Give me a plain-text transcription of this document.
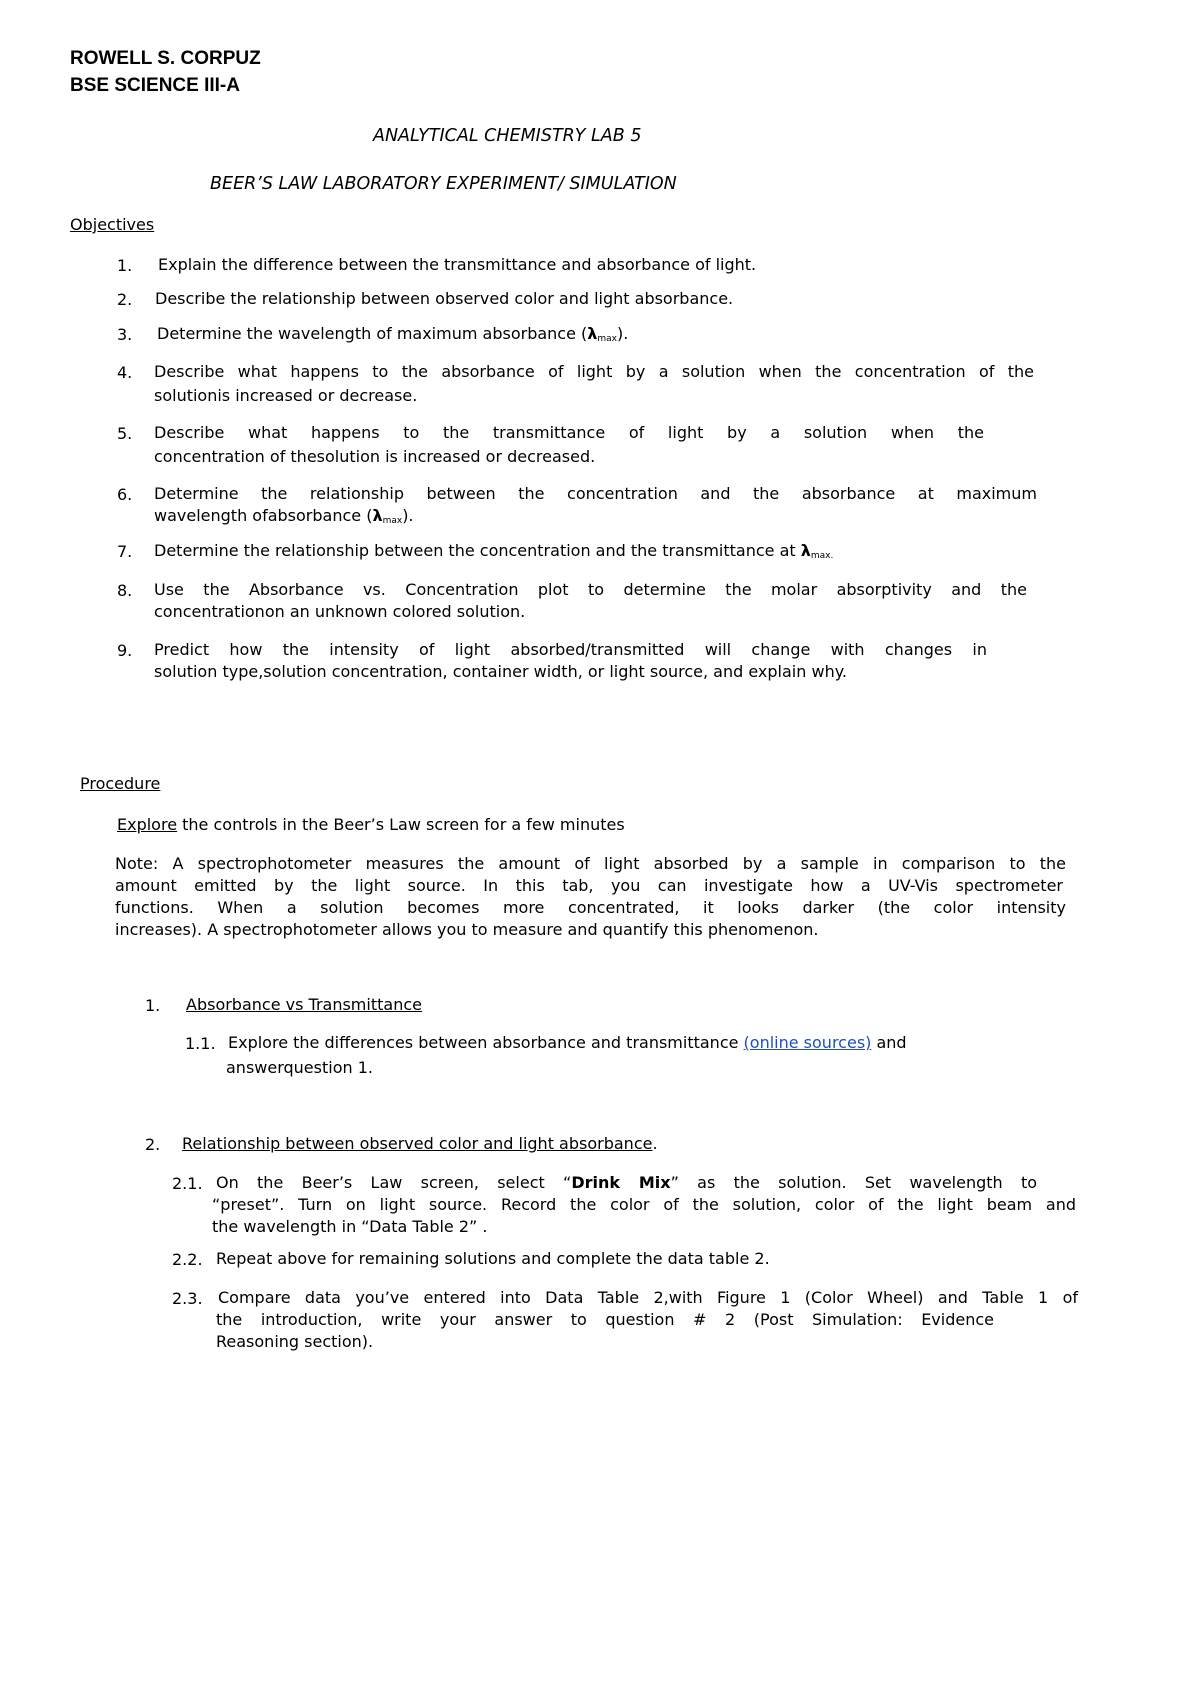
ROWELL S. CORPUZ
BSE SCIENCE III-A
ANALYTICAL CHEMISTRY LAB 5
BEER’S LAW LABORATORY EXPERIMENT/ SIMULATION
Objectives
1. Explain the difference between the transmittance and absorbance of light.
2. Describe the relationship between observed color and light absorbance.
3. Determine the wavelength of maximum absorbance $(\lambda_{max})$.
4. Describe what happens to the absorbance of light by a solution when the concentration of the
solutionis increased or decrease.
5. Describe what happens to the transmittance of light by a solution when the
concentration of thesolution is increased or decreased.
6. Determine the relationship between the concentration and the absorbance at maximum
wavelength ofabsorbance $(\lambda_{max})$.
7. Determine the relationship between the concentration and the transmittance at $\lambda_{max.}$
8. Use the Absorbance vs. Concentration plot to determine the molar absorptivity and the
concentrationon an unknown colored solution.
9. Predict how the intensity of light absorbed/transmitted will change with changes in
solution type,solution concentration, container width, or light source, and explain why.
Procedure
Explore the controls in the Beer’s Law screen for a few minutes
Note: A spectrophotometer measures the amount of light absorbed by a sample in comparison to the
amount emitted by the light source. In this tab, you can investigate how a UV-Vis spectrometer
functions. When a solution becomes more concentrated, it looks darker (the color intensity
increases). A spectrophotometer allows you to measure and quantify this phenomenon.
1. Absorbance vs Transmittance
1.1. Explore the differences between absorbance and transmittance (online sources) and
answerquestion 1.
2. Relationship between observed color and light absorbance.
2.1. On the Beer’s Law screen, select “Drink Mix” as the solution. Set wavelength to
“preset”. Turn on light source. Record the color of the solution, color of the light beam and
the wavelength in “Data Table 2” .
2.2. Repeat above for remaining solutions and complete the data table 2.
2.3. Compare data you’ve entered into Data Table 2,with Figure 1 (Color Wheel) and Table 1 of
the introduction, write your answer to question # 2 (Post Simulation: Evidence
Reasoning section).
